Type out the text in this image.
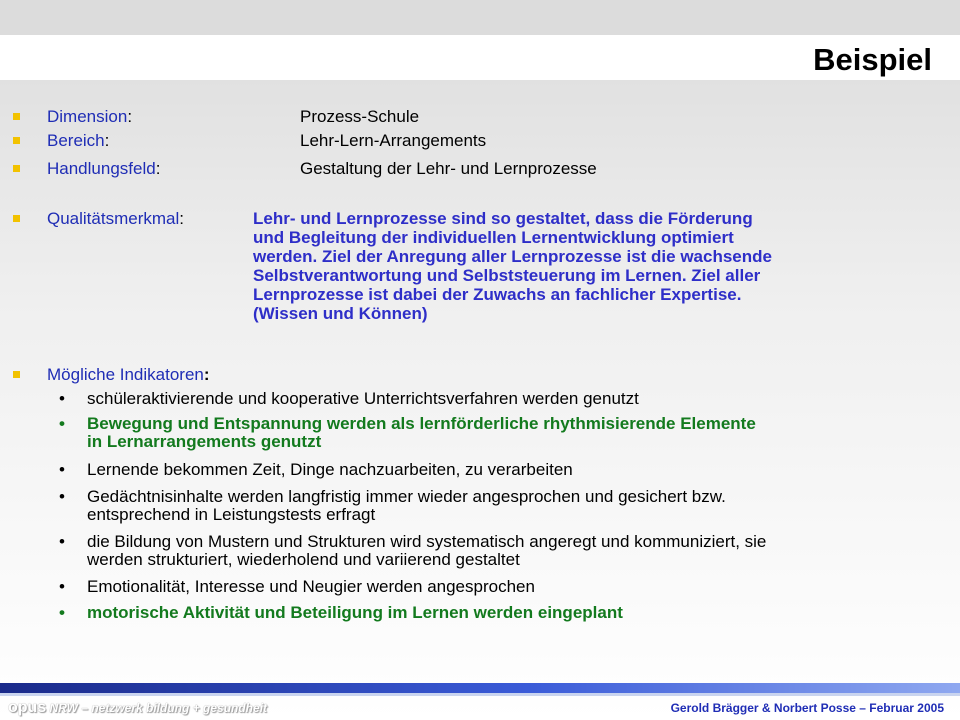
Beispiel
Dimension:	Prozess-Schule
Bereich:	Lehr-Lern-Arrangements
Handlungsfeld:	Gestaltung der Lehr- und Lernprozesse
Qualitätsmerkmal:	Lehr- und Lernprozesse sind so gestaltet, dass die Förderung
und Begleitung der individuellen Lernentwicklung optimiert
werden. Ziel der Anregung aller Lernprozesse ist die wachsende
Selbstverantwortung und Selbststeuerung im Lernen. Ziel aller
Lernprozesse ist dabei der Zuwachs an fachlicher Expertise.
(Wissen und Können)
Mögliche Indikatoren:
• schüleraktivierende und kooperative Unterrichtsverfahren werden genutzt
• Bewegung und Entspannung werden als lernförderliche rhythmisierende Elemente
in Lernarrangements genutzt
• Lernende bekommen Zeit, Dinge nachzuarbeiten, zu verarbeiten
• Gedächtnisinhalte werden langfristig immer wieder angesprochen und gesichert bzw.
entsprechend in Leistungstests erfragt
• die Bildung von Mustern und Strukturen wird systematisch angeregt und kommuniziert, sie
werden strukturiert, wiederholend und variierend gestaltet
• Emotionalität, Interesse und Neugier werden angesprochen
• motorische Aktivität und Beteiligung im Lernen werden eingeplant
opus NRW – netzwerk bildung + gesundheit	Gerold Brägger & Norbert Posse – Februar 2005
